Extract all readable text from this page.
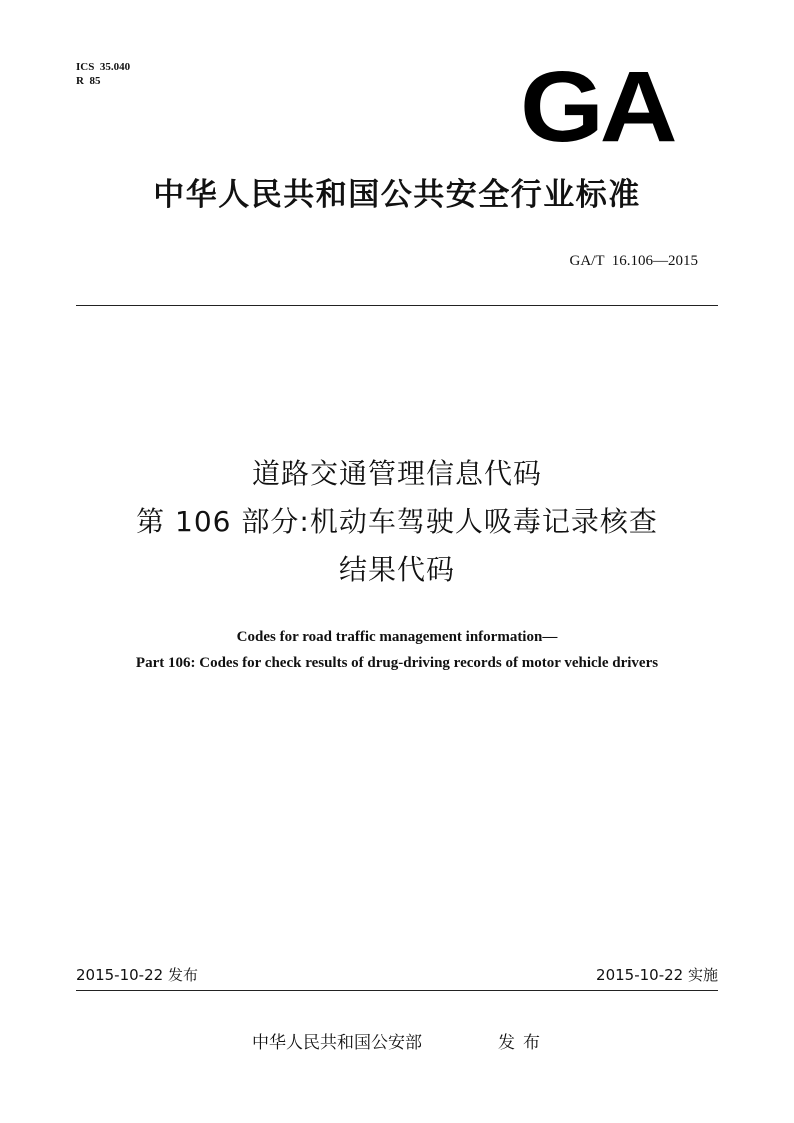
ICS  35.040
R  85	GA
中华人民共和国公共安全行业标准
GA/T  16.106—2015
道路交通管理信息代码
第 106 部分:机动车驾驶人吸毒记录核查
结果代码
Codes for road traffic management information—
Part 106: Codes for check results of drug-driving records of motor vehicle drivers
2015-10-22 发布	2015-10-22 实施
中华人民共和国公安部	发布
